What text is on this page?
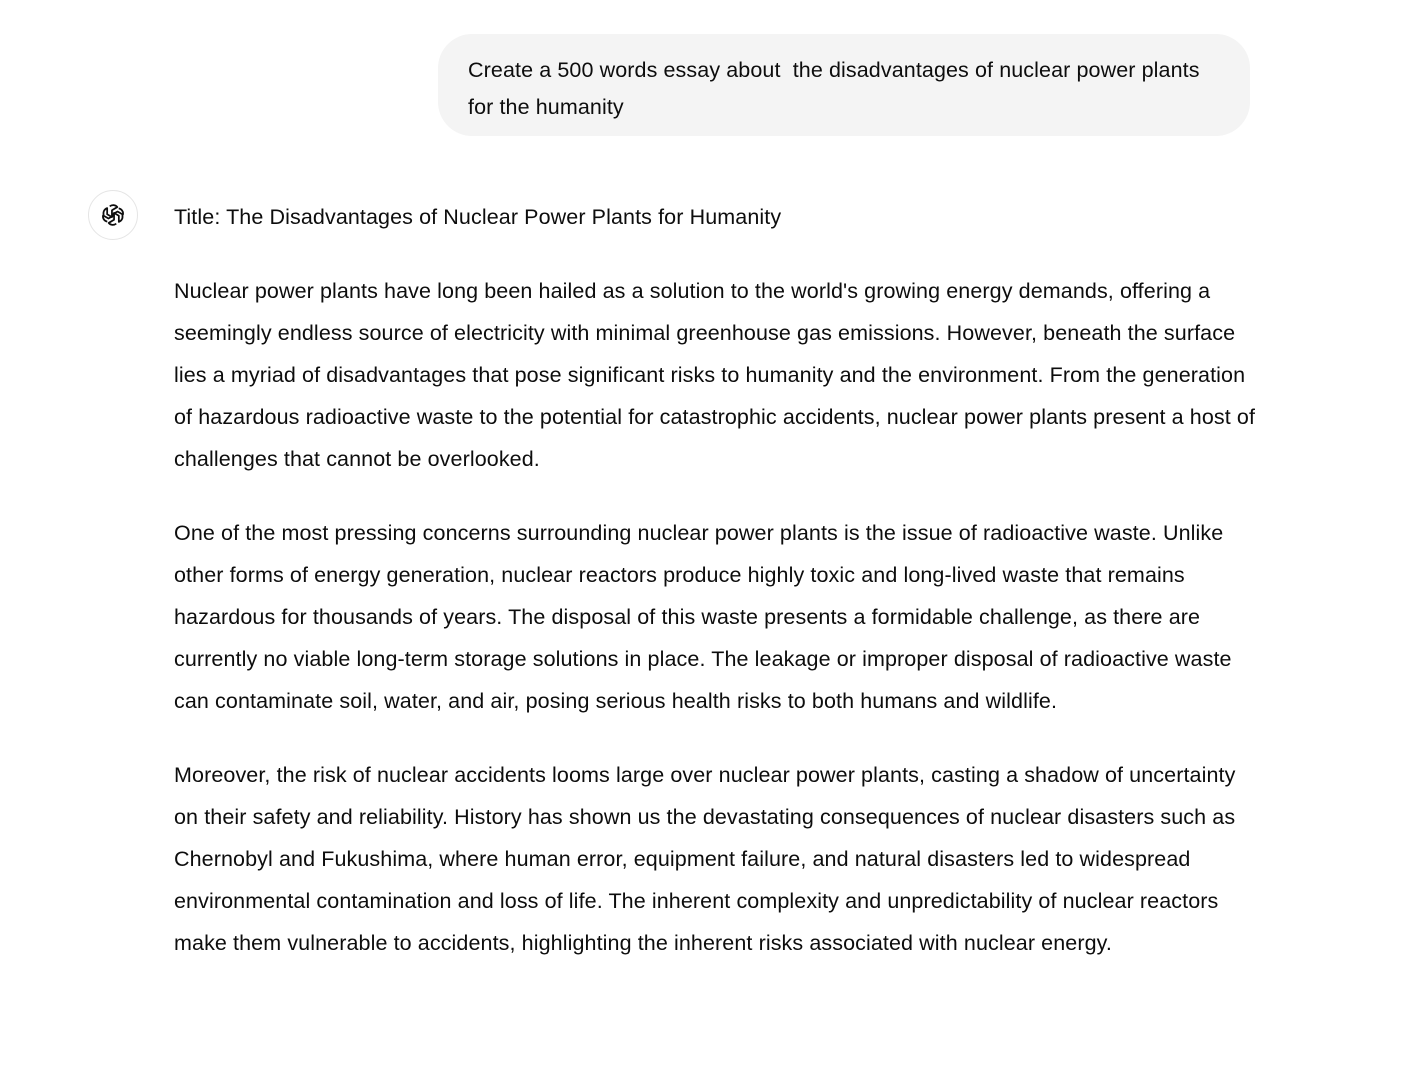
Create a 500 words essay about  the disadvantages of nuclear power plants for the humanity

Title: The Disadvantages of Nuclear Power Plants for Humanity

Nuclear power plants have long been hailed as a solution to the world's growing energy demands, offering a seemingly endless source of electricity with minimal greenhouse gas emissions. However, beneath the surface lies a myriad of disadvantages that pose significant risks to humanity and the environment. From the generation of hazardous radioactive waste to the potential for catastrophic accidents, nuclear power plants present a host of challenges that cannot be overlooked.

One of the most pressing concerns surrounding nuclear power plants is the issue of radioactive waste. Unlike other forms of energy generation, nuclear reactors produce highly toxic and long-lived waste that remains hazardous for thousands of years. The disposal of this waste presents a formidable challenge, as there are currently no viable long-term storage solutions in place. The leakage or improper disposal of radioactive waste can contaminate soil, water, and air, posing serious health risks to both humans and wildlife.

Moreover, the risk of nuclear accidents looms large over nuclear power plants, casting a shadow of uncertainty on their safety and reliability. History has shown us the devastating consequences of nuclear disasters such as Chernobyl and Fukushima, where human error, equipment failure, and natural disasters led to widespread environmental contamination and loss of life. The inherent complexity and unpredictability of nuclear reactors make them vulnerable to accidents, highlighting the inherent risks associated with nuclear energy.
